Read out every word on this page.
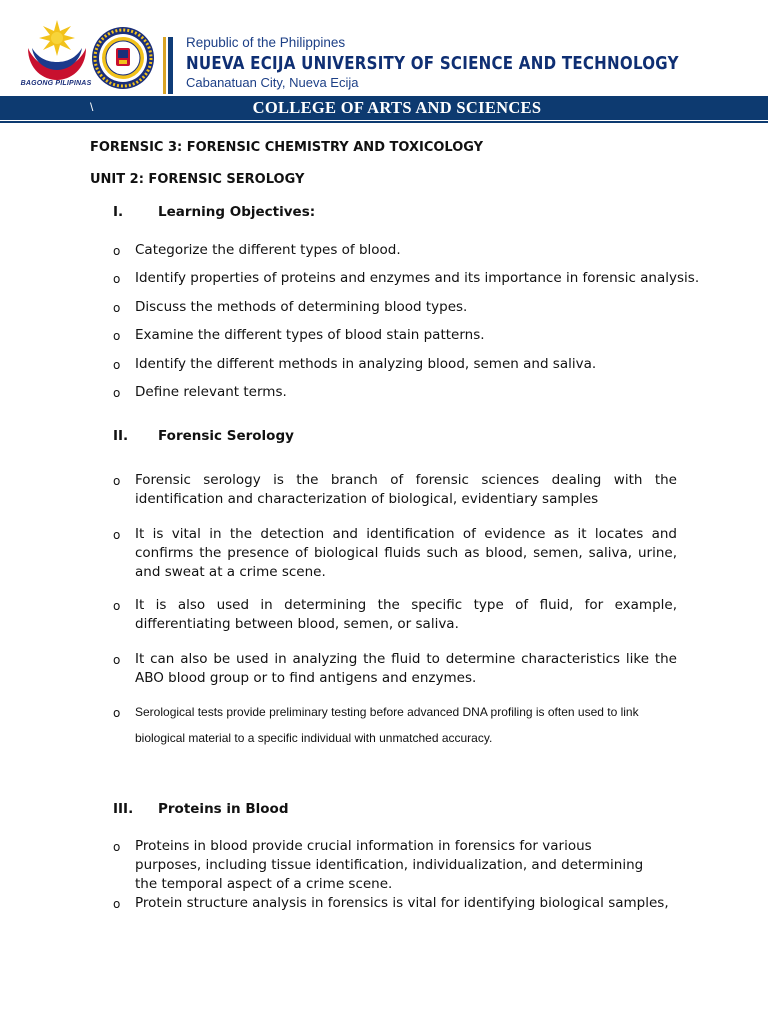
BAGONG PILIPINAS
Republic of the Philippines
NUEVA ECIJA UNIVERSITY OF SCIENCE AND TECHNOLOGY
Cabanatuan City, Nueva Ecija
\	COLLEGE OF ARTS AND SCIENCES
FORENSIC 3: FORENSIC CHEMISTRY AND TOXICOLOGY
UNIT 2: FORENSIC SEROLOGY
I.	Learning Objectives:
o Categorize the different types of blood.
o Identify properties of proteins and enzymes and its importance in forensic analysis.
o Discuss the methods of determining blood types.
o Examine the different types of blood stain patterns.
o Identify the different methods in analyzing blood, semen and saliva.
o Define relevant terms.
II. Forensic Serology
o Forensic serology is the branch of forensic sciences dealing with the identification and characterization of biological, evidentiary samples
o It is vital in the detection and identification of evidence as it locates and confirms the presence of biological fluids such as blood, semen, saliva, urine, and sweat at a crime scene.
o It is also used in determining the specific type of fluid, for example, differentiating between blood, semen, or saliva.
o It can also be used in analyzing the fluid to determine characteristics like the ABO blood group or to find antigens and enzymes.
o Serological tests provide preliminary testing before advanced DNA profiling is often used to link biological material to a specific individual with unmatched accuracy.
III. Proteins in Blood
o Proteins in blood provide crucial information in forensics for various purposes, including tissue identification, individualization, and determining the temporal aspect of a crime scene.
o Protein structure analysis in forensics is vital for identifying biological samples,
